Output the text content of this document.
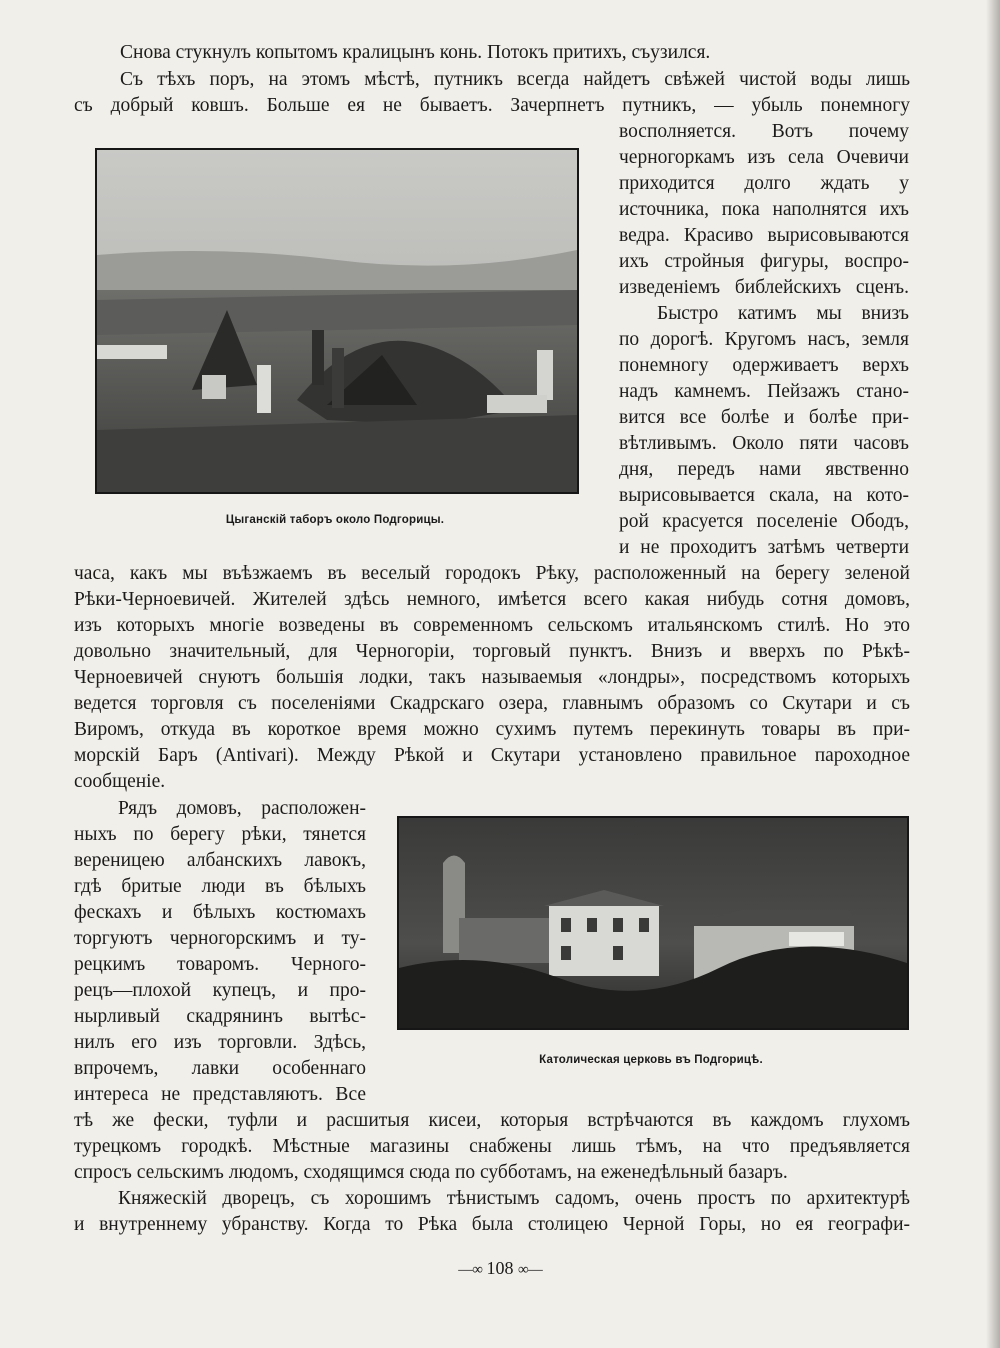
Снова стукнулъ копытомъ кралицынъ конь. Потокъ притихъ, съузился.

Съ тѣхъ поръ, на этомъ мѣстѣ, путникъ всегда найдетъ свѣжей чистой воды лишь

съ добрый ковшъ. Больше ея не бываетъ. Зачерпнетъ путникъ, — убыль понемногу

Цыганскій таборъ около Подгорицы.

восполняется. Вотъ почему

черногоркамъ изъ села Очевичи

приходится долго ждать у

источника, пока наполнятся ихъ

ведра. Красиво вырисовываются

ихъ стройныя фигуры, воспро-

изведеніемъ библейскихъ сценъ.

Быстро катимъ мы внизъ

по дорогѣ. Кругомъ насъ, земля

понемногу одерживаетъ верхъ

надъ камнемъ. Пейзажъ стано-

вится все болѣе и болѣе при-

вѣтливымъ. Около пяти часовъ

дня, передъ нами явственно

вырисовывается скала, на кото-

рой красуется поселеніе Ободъ,

и не проходитъ затѣмъ четверти

часа, какъ мы въѣзжаемъ въ веселый городокъ Рѣку, расположенный на берегу зеленой

Рѣки-Черноевичей. Жителей здѣсь немного, имѣется всего какая нибудь сотня домовъ,

изъ которыхъ многіе возведены въ современномъ сельскомъ итальянскомъ стилѣ. Но это

довольно значительный, для Черногоріи, торговый пунктъ. Внизъ и вверхъ по Рѣкѣ-

Черноевичей снуютъ большія лодки, такъ называемыя «лондры», посредствомъ которыхъ

ведется торговля съ поселеніями Скадрскаго озера, главнымъ образомъ со Скутари и съ

Виромъ, откуда въ короткое время можно сухимъ путемъ перекинуть товары въ при-

морскій Баръ (Antivari). Между Рѣкой и Скутари установлено правильное пароходное

сообщеніе.

Рядъ домовъ, расположен-

ныхъ по берегу рѣки, тянется

вереницею албанскихъ лавокъ,

гдѣ бритые люди въ бѣлыхъ

фескахъ и бѣлыхъ костюмахъ

торгуютъ черногорскимъ и ту-

рецкимъ товаромъ. Черного-

рецъ—плохой купецъ, и про-

нырливый скадрянинъ вытѣс-

нилъ его изъ торговли. Здѣсь,

впрочемъ, лавки особеннаго

интереса не представляютъ. Все

Католическая церковь въ Подгорицѣ.

тѣ же фески, туфли и расшитыя кисеи, которыя встрѣчаются въ каждомъ глухомъ

турецкомъ городкѣ. Мѣстные магазины снабжены лишь тѣмъ, на что предъявляется

спросъ сельскимъ людомъ, сходящимся сюда по субботамъ, на еженедѣльный базаръ.

Княжескій дворецъ, съ хорошимъ тѣнистымъ садомъ, очень простъ по архитектурѣ

и внутреннему убранству. Когда то Рѣка была столицею Черной Горы, но ея географи-

—∞ 108 ∞—
